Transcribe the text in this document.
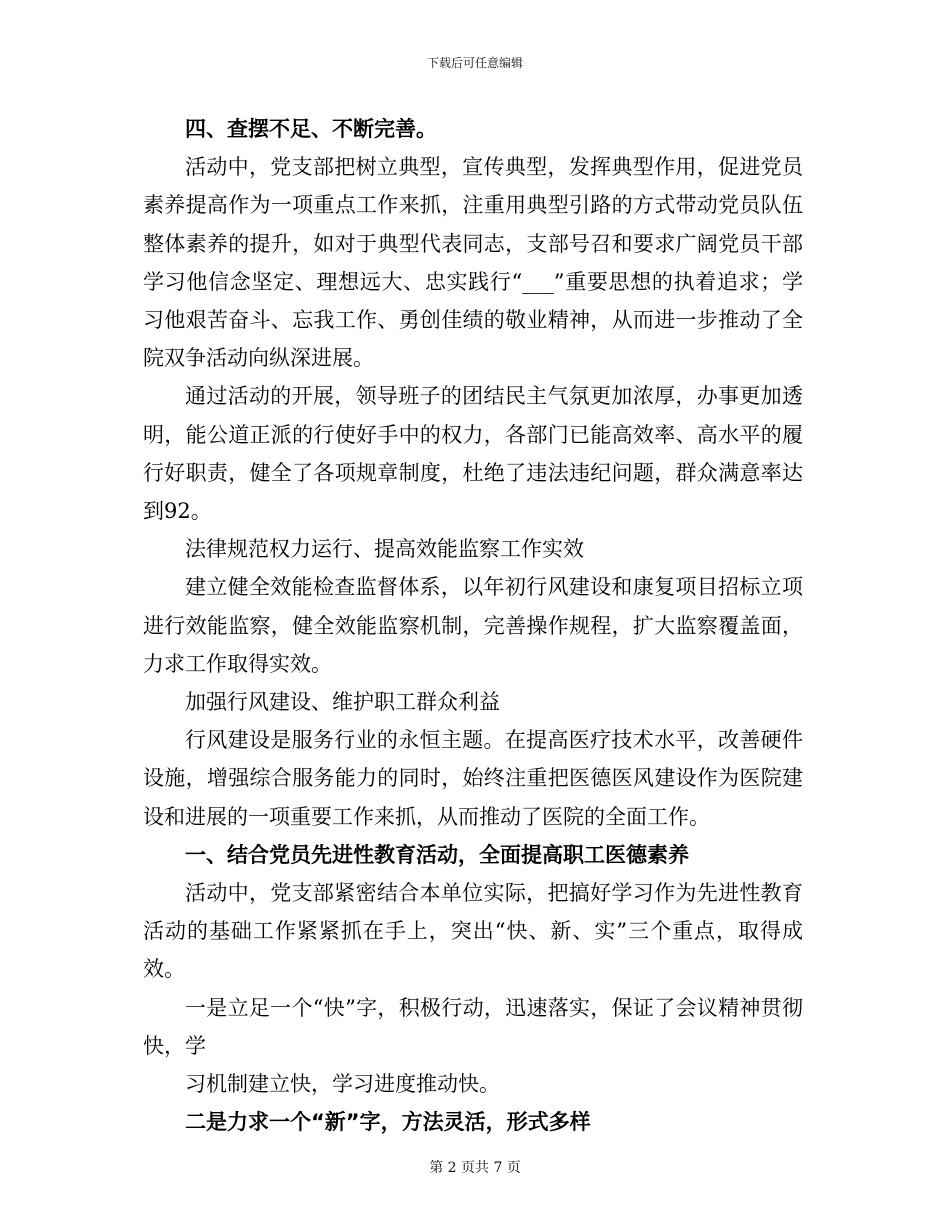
下载后可任意编辑

四、查摆不足、不断完善。

活动中，党支部把树立典型，宣传典型，发挥典型作用，促进党员素养提高作为一项重点工作来抓，注重用典型引路的方式带动党员队伍整体素养的提升，如对于典型代表同志，支部号召和要求广阔党员干部学习他信念坚定、理想远大、忠实践行“___”重要思想的执着追求；学习他艰苦奋斗、忘我工作、勇创佳绩的敬业精神，从而进一步推动了全院双争活动向纵深进展。

通过活动的开展，领导班子的团结民主气氛更加浓厚，办事更加透明，能公道正派的行使好手中的权力，各部门已能高效率、高水平的履行好职责，健全了各项规章制度，杜绝了违法违纪问题，群众满意率达到92。

法律规范权力运行、提高效能监察工作实效

建立健全效能检查监督体系，以年初行风建设和康复项目招标立项进行效能监察，健全效能监察机制，完善操作规程，扩大监察覆盖面，力求工作取得实效。

加强行风建设、维护职工群众利益

行风建设是服务行业的永恒主题。在提高医疗技术水平，改善硬件设施，增强综合服务能力的同时，始终注重把医德医风建设作为医院建设和进展的一项重要工作来抓，从而推动了医院的全面工作。

一、结合党员先进性教育活动，全面提高职工医德素养

活动中，党支部紧密结合本单位实际，把搞好学习作为先进性教育活动的基础工作紧紧抓在手上，突出“快、新、实”三个重点，取得成效。

一是立足一个“快”字，积极行动，迅速落实，保证了会议精神贯彻快，学

习机制建立快，学习进度推动快。

二是力求一个“新”字，方法灵活，形式多样

第 2 页共 7 页
